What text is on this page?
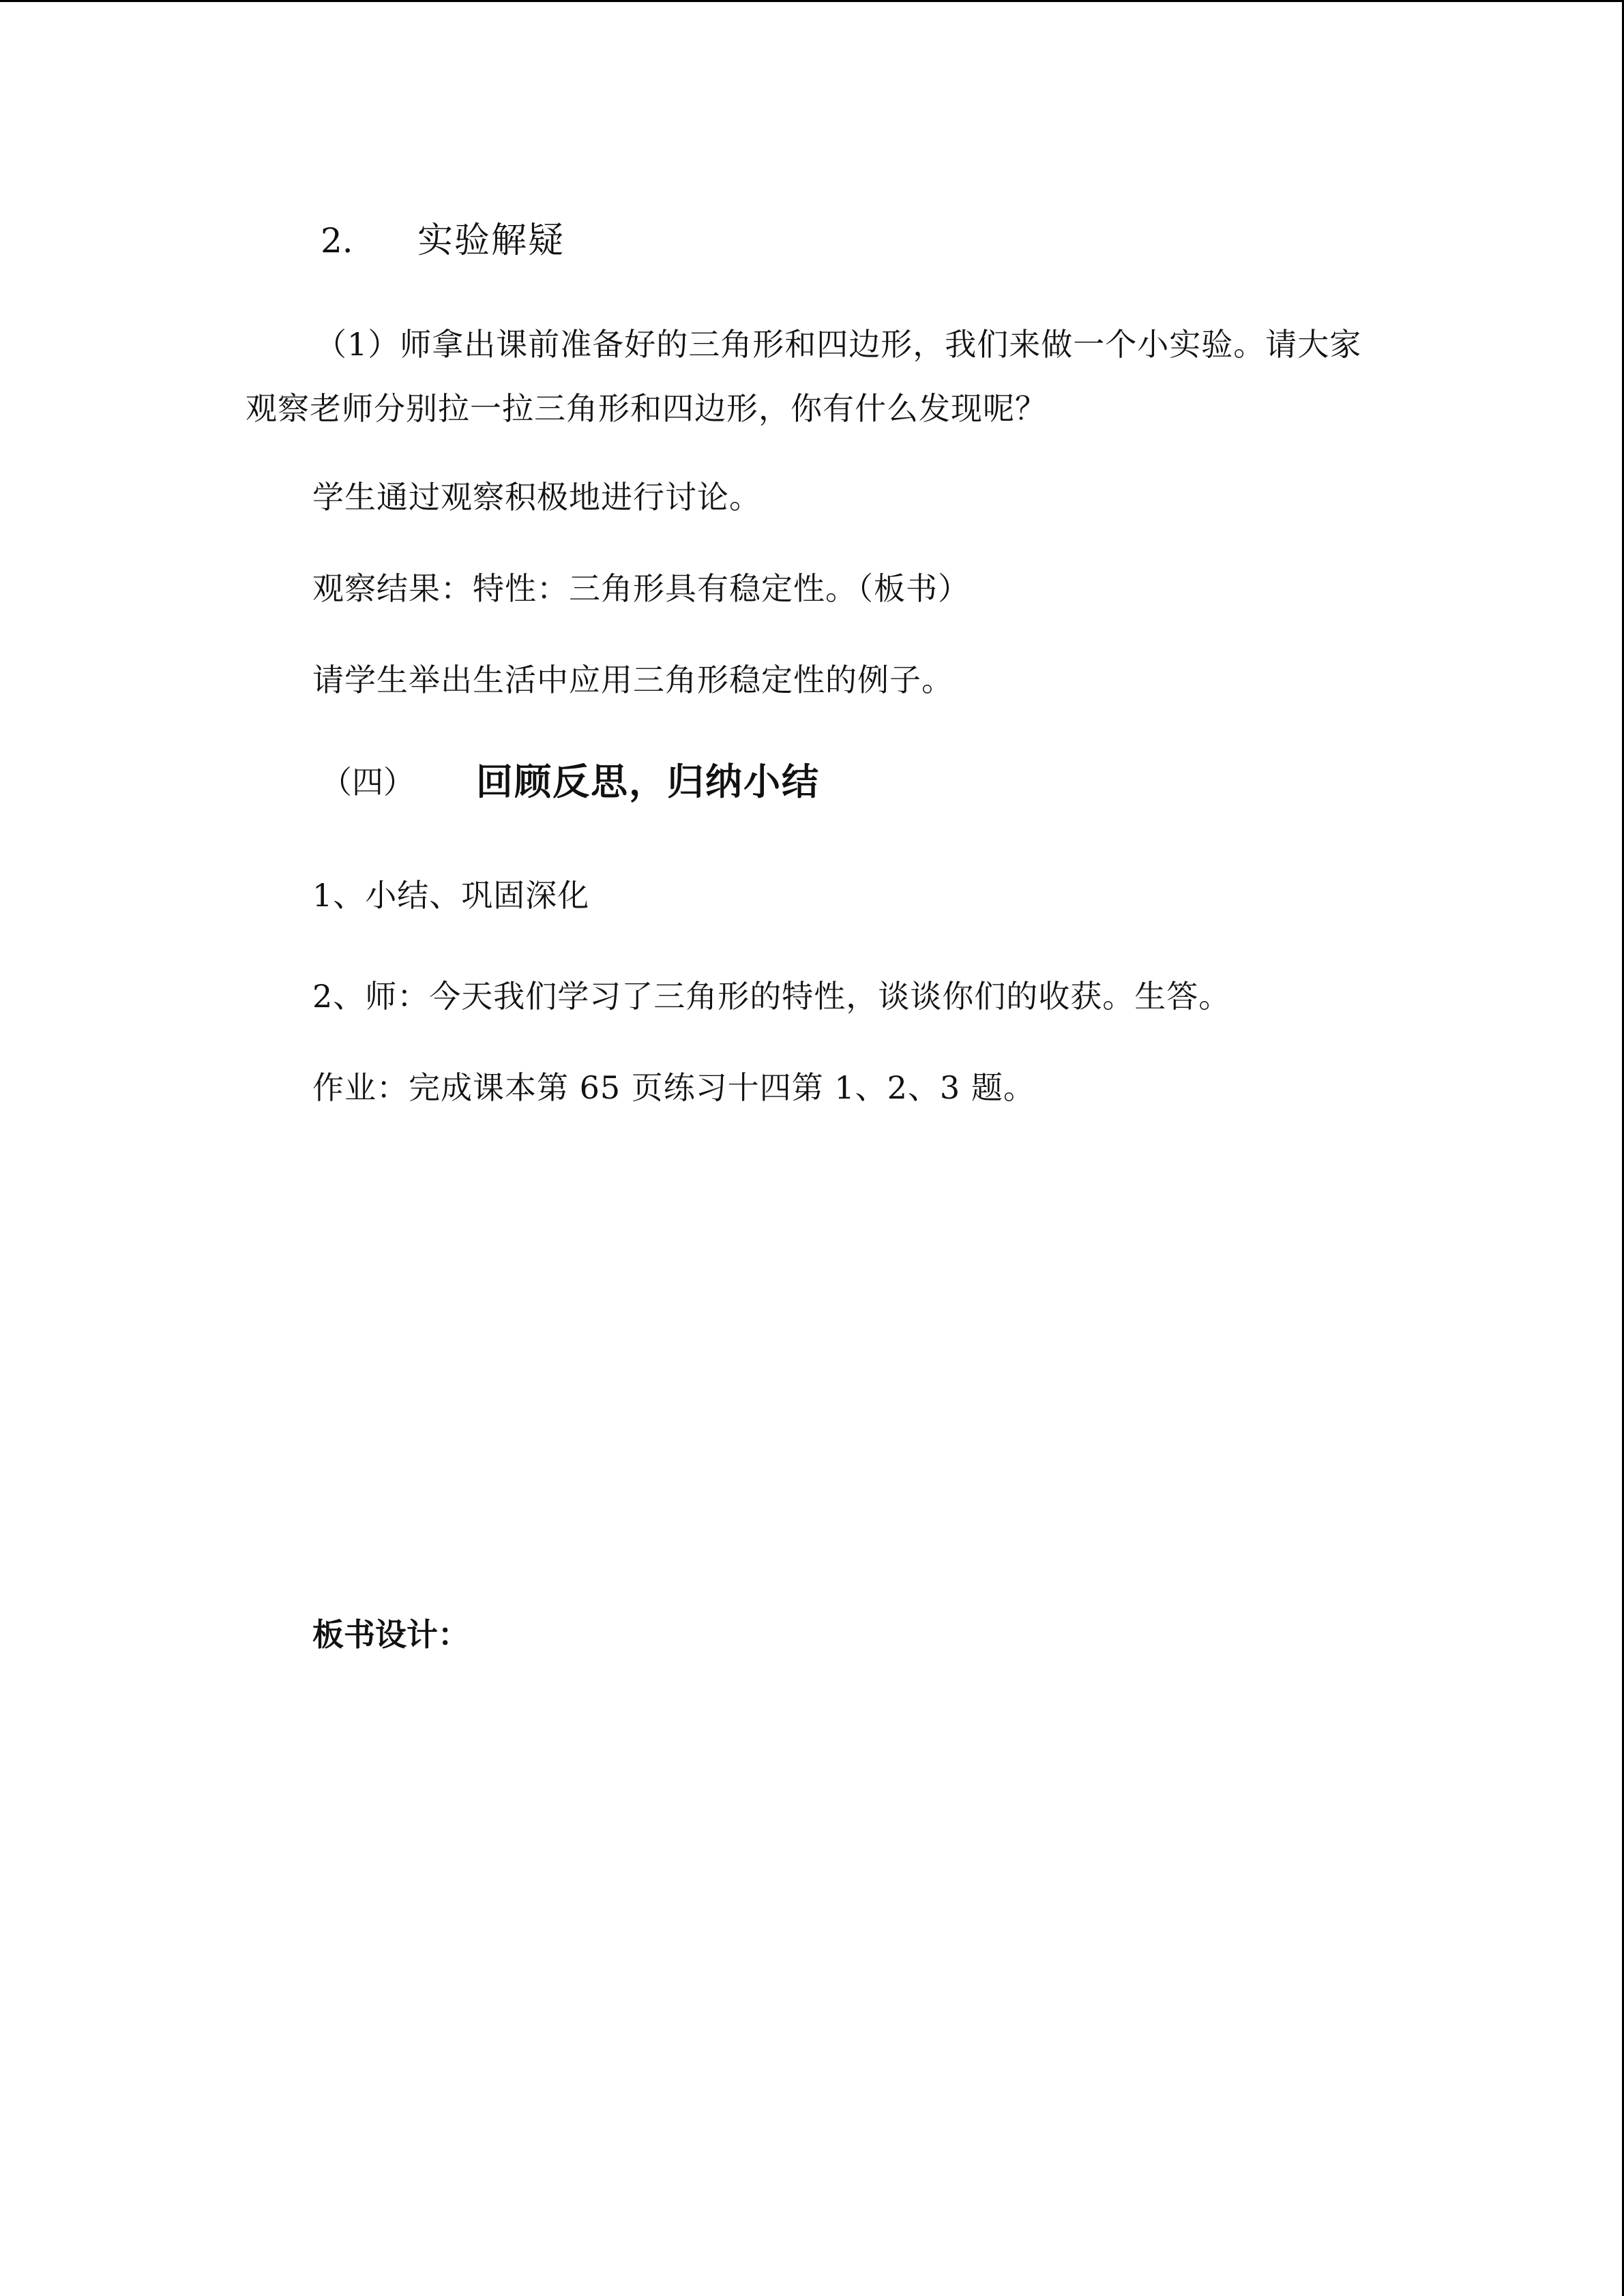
2. 实验解疑
（1）师拿出课前准备好的三角形和四边形，我们来做一个小实验。请大家
观察老师分别拉一拉三角形和四边形，你有什么发现呢？
学生通过观察积极地进行讨论。
观察结果：特性：三角形具有稳定性。（板书）
请学生举出生活中应用三角形稳定性的例子。
（四） 回顾反思，归纳小结
1、小结、巩固深化
2、师：今天我们学习了三角形的特性，谈谈你们的收获。生答。
作业：完成课本第 65 页练习十四第 1、2、3 题。
板书设计：
